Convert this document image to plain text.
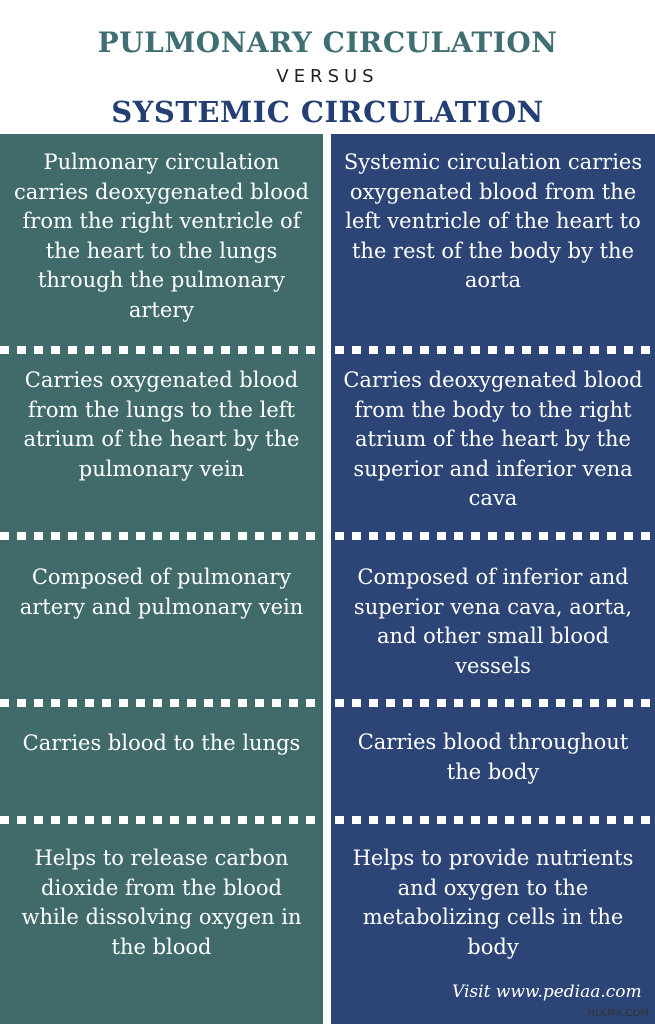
PULMONARY CIRCULATION
VERSUS
SYSTEMIC CIRCULATION
Pulmonary circulation carries deoxygenated blood from the right ventricle of the heart to the lungs through the pulmonary artery
Carries oxygenated blood from the lungs to the left atrium of the heart by the pulmonary vein
Composed of pulmonary artery and pulmonary vein
Carries blood to the lungs
Helps to release carbon dioxide from the blood while dissolving oxygen in the blood
Systemic circulation carries oxygenated blood from the left ventricle of the heart to the rest of the body by the aorta
Carries deoxygenated blood from the body to the right atrium of the heart by the superior and inferior vena cava
Composed of inferior and superior vena cava, aorta, and other small blood vessels
Carries blood throughout the body
Helps to provide nutrients and oxygen to the metabolizing cells in the body
Visit www.pediaa.com
HLKMX.COM
